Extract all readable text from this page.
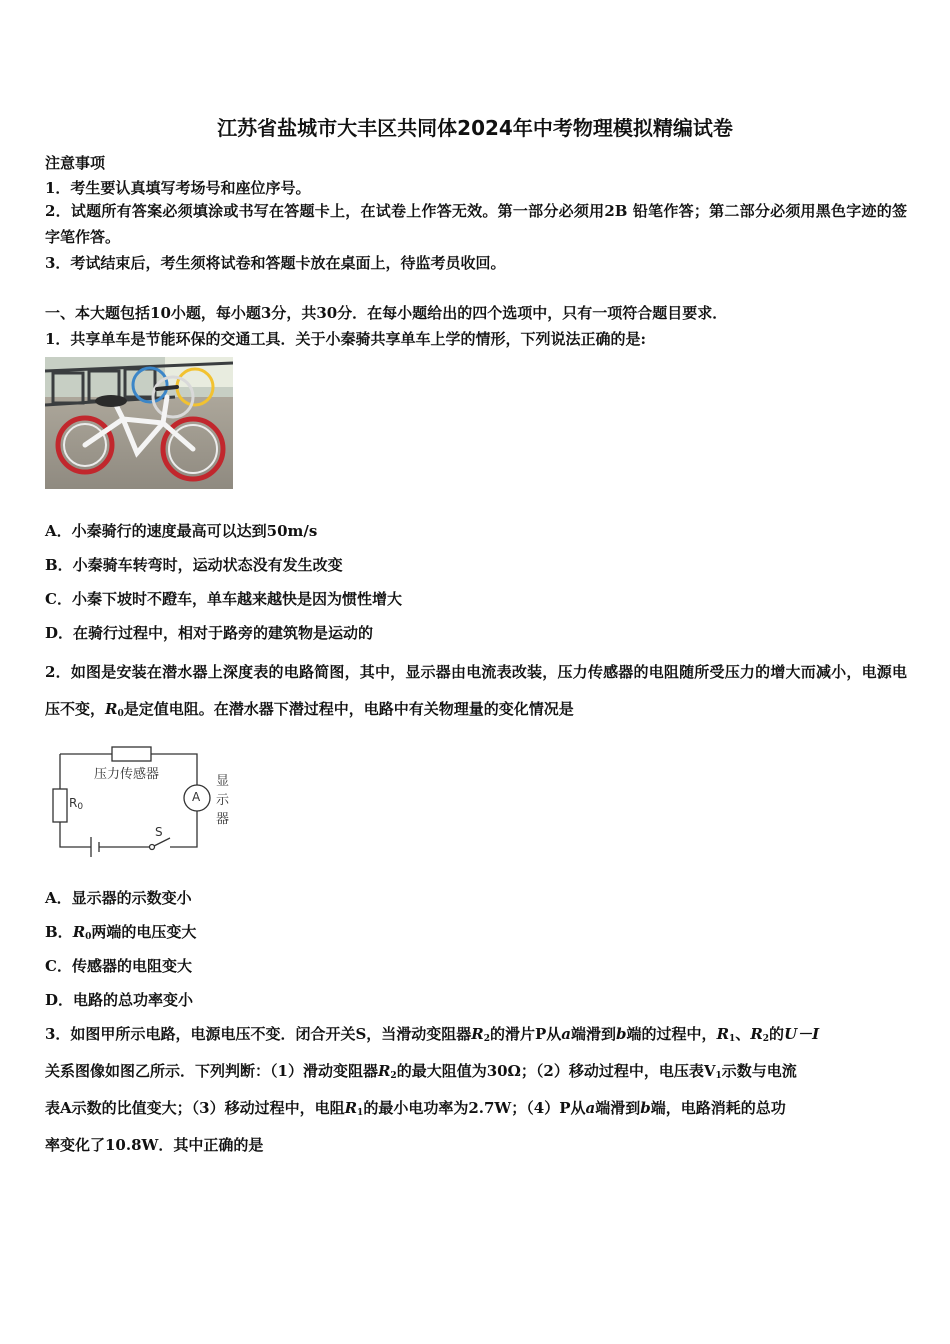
江苏省盐城市大丰区共同体2024年中考物理模拟精编试卷
注意事项
1．考生要认真填写考场号和座位序号。
2．试题所有答案必须填涂或书写在答题卡上，在试卷上作答无效。第一部分必须用2B 铅笔作答；第二部分必须用黑色字迹的签字笔作答。
3．考试结束后，考生须将试卷和答题卡放在桌面上，待监考员收回。
一、本大题包括10小题，每小题3分，共30分．在每小题给出的四个选项中，只有一项符合题目要求．
1．共享单车是节能环保的交通工具．关于小秦骑共享单车上学的情形，下列说法正确的是:
A．小秦骑行的速度最高可以达到50m/s
B．小秦骑车转弯时，运动状态没有发生改变
C．小秦下坡时不蹬车，单车越来越快是因为惯性增大
D．在骑行过程中，相对于路旁的建筑物是运动的
2．如图是安装在潜水器上深度表的电路简图，其中，显示器由电流表改装，压力传感器的电阻随所受压力的增大而减小，电源电压不变，$R_0$是定值电阻。在潜水器下潜过程中，电路中有关物理量的变化情况是
压力传感器
$R_0$
A
S
显
示
器
A．显示器的示数变小
B．$R_0$两端的电压变大
C．传感器的电阻变大
D．电路的总功率变小
3．如图甲所示电路，电源电压不变．闭合开关S，当滑动变阻器$R_2$的滑片P从a端滑到b端的过程中，$R_1$、$R_2$的U－I
关系图像如图乙所示．下列判断：（1）滑动变阻器$R_2$的最大阻值为30Ω；（2）移动过程中，电压表$V_1$示数与电流
表A示数的比值变大；（3）移动过程中，电阻$R_1$的最小电功率为2.7W；（4）P从a端滑到b端，电路消耗的总功
率变化了10.8W．其中正确的是
